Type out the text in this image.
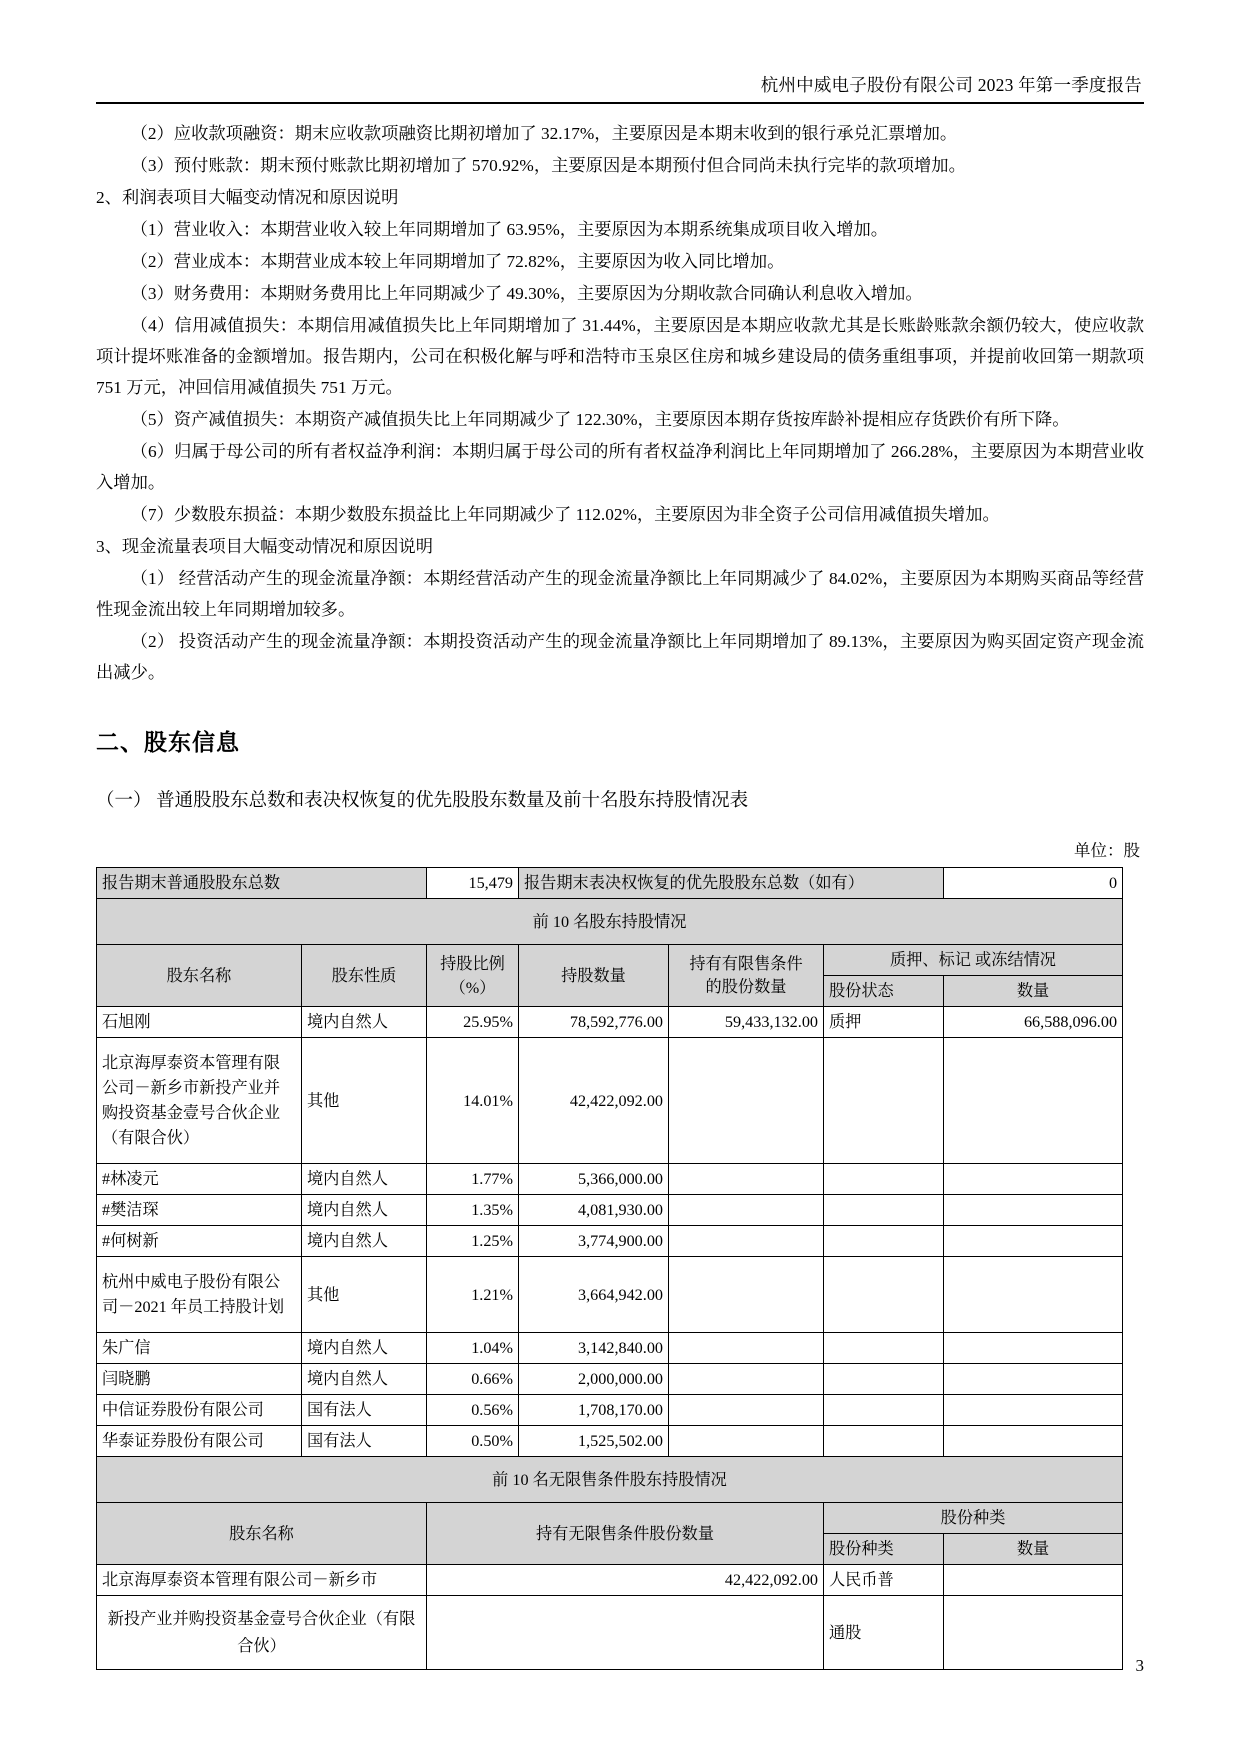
杭州中威电子股份有限公司 2023 年第一季度报告

（2）应收款项融资：期末应收款项融资比期初增加了 32.17%，主要原因是本期末收到的银行承兑汇票增加。

（3）预付账款：期末预付账款比期初增加了 570.92%，主要原因是本期预付但合同尚未执行完毕的款项增加。

2、利润表项目大幅变动情况和原因说明

（1）营业收入：本期营业收入较上年同期增加了 63.95%，主要原因为本期系统集成项目收入增加。

（2）营业成本：本期营业成本较上年同期增加了 72.82%，主要原因为收入同比增加。

（3）财务费用：本期财务费用比上年同期减少了 49.30%，主要原因为分期收款合同确认利息收入增加。

（4）信用减值损失：本期信用减值损失比上年同期增加了 31.44%，主要原因是本期应收款尤其是长账龄账款余额仍较大，使应收款项计提坏账准备的金额增加。报告期内，公司在积极化解与呼和浩特市玉泉区住房和城乡建设局的债务重组事项，并提前收回第一期款项 751 万元，冲回信用减值损失 751 万元。

（5）资产减值损失：本期资产减值损失比上年同期减少了 122.30%，主要原因本期存货按库龄补提相应存货跌价有所下降。

（6）归属于母公司的所有者权益净利润：本期归属于母公司的所有者权益净利润比上年同期增加了 266.28%，主要原因为本期营业收入增加。

（7）少数股东损益：本期少数股东损益比上年同期减少了 112.02%，主要原因为非全资子公司信用减值损失增加。

3、现金流量表项目大幅变动情况和原因说明

（1） 经营活动产生的现金流量净额：本期经营活动产生的现金流量净额比上年同期减少了 84.02%，主要原因为本期购买商品等经营性现金流出较上年同期增加较多。

（2） 投资活动产生的现金流量净额：本期投资活动产生的现金流量净额比上年同期增加了 89.13%，主要原因为购买固定资产现金流出减少。

二、股东信息
（一） 普通股股东总数和表决权恢复的优先股股东数量及前十名股东持股情况表
单位：股
报告期末普通股股东总数		15,479	报告期末表决权恢复的优先股股东总数（如有）			0
前 10 名股东持股情况						
股东名称	股东性质	
持股比例
（%）
	持股数量	
持有有限售条件
的股份数量
	质押、标记 或冻结情况
					股份状态	数量
石旭刚	境内自然人	25.95%	78,592,776.00	59,433,132.00	质押	66,588,096.00
北京海厚泰资本管理有限公司－新乡市新投产业并购投资基金壹号合伙企业（有限合伙）	其他	14.01%	42,422,092.00			
#林凌元	境内自然人	1.77%	5,366,000.00			
#樊洁琛	境内自然人	1.35%	4,081,930.00			
#何树新	境内自然人	1.25%	3,774,900.00			
杭州中威电子股份有限公司－2021 年员工持股计划	其他	1.21%	3,664,942.00			
朱广信	境内自然人	1.04%	3,142,840.00			
闫晓鹏	境内自然人	0.66%	2,000,000.00			
中信证券股份有限公司	国有法人	0.56%	1,708,170.00			
华泰证券股份有限公司	国有法人	0.50%	1,525,502.00			
前 10 名无限售条件股东持股情况						
股东名称		持有无限售条件股份数量			股份种类	
					股份种类	数量
北京海厚泰资本管理有限公司－新乡市		42,422,092.00			人民币普	
新投产业并购投资基金壹号合伙企业（有限合伙）					通股	
3
